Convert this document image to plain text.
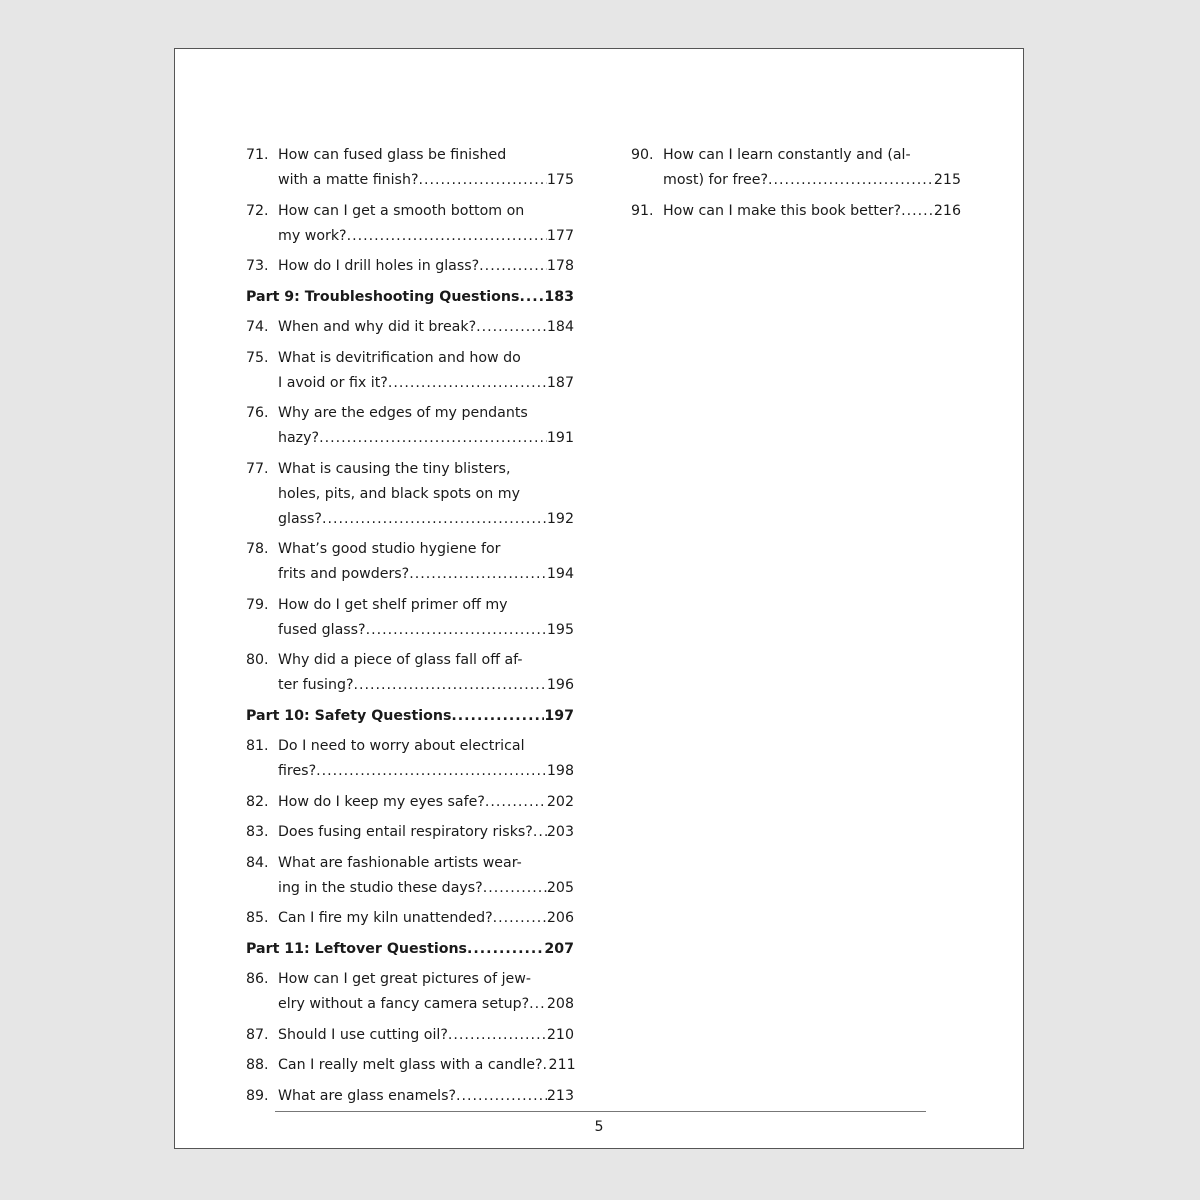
71. How can fused glass be finished
with a matte finish? .....	175
72. How can I get a smooth bottom on
my work? .....	177
73. How do I drill holes in glass? .....	178
Part 9: Troubleshooting Questions ..... 183
74. When and why did it break? .....	184
75. What is devitrification and how do
I avoid or fix it? .....	187
76. Why are the edges of my pendants
hazy? .....	191
77. What is causing the tiny blisters,
holes, pits, and black spots on my
glass? .....	192
78. What’s good studio hygiene for
frits and powders? .....	194
79. How do I get shelf primer off my
fused glass? .....	195
80. Why did a piece of glass fall off af-
ter fusing? .....	196
Part 10: Safety Questions .....	197
81. Do I need to worry about electrical
fires? .....	198
82. How do I keep my eyes safe? .....	202
83. Does fusing entail respiratory risks? ..... 203
84. What are fashionable artists wear-
ing in the studio these days? .....	205
85. Can I fire my kiln unattended? .....	206
Part 11: Leftover Questions .....	207
86. How can I get great pictures of jew-
elry without a fancy camera setup? ..... 208
87. Should I use cutting oil? .....	210
88. Can I really melt glass with a candle? ..... 211
89. What are glass enamels? .....	213
90. How can I learn constantly and (al-
most) for free? .....	215
91. How can I make this book better? ..... 216
5
